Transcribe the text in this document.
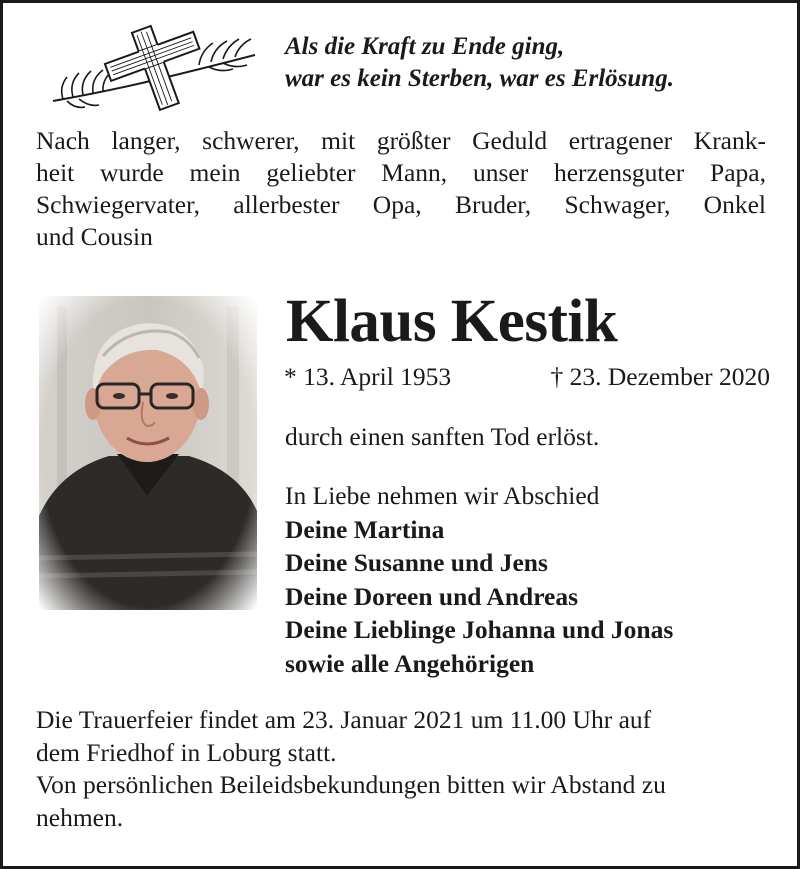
Als die Kraft zu Ende ging,
war es kein Sterben, war es Erlösung.
Nach langer, schwerer, mit größter Geduld ertragener Krank-
heit wurde mein geliebter Mann, unser herzensguter Papa,
Schwiegervater, allerbester Opa, Bruder, Schwager, Onkel
und Cousin
Klaus Kestik
* 13. April 1953	† 23. Dezember 2020
durch einen sanften Tod erlöst.
In Liebe nehmen wir Abschied
Deine Martina
Deine Susanne und Jens
Deine Doreen und Andreas
Deine Lieblinge Johanna und Jonas
sowie alle Angehörigen
Die Trauerfeier findet am 23. Januar 2021 um 11.00 Uhr auf
dem Friedhof in Loburg statt.
Von persönlichen Beileidsbekundungen bitten wir Abstand zu
nehmen.
